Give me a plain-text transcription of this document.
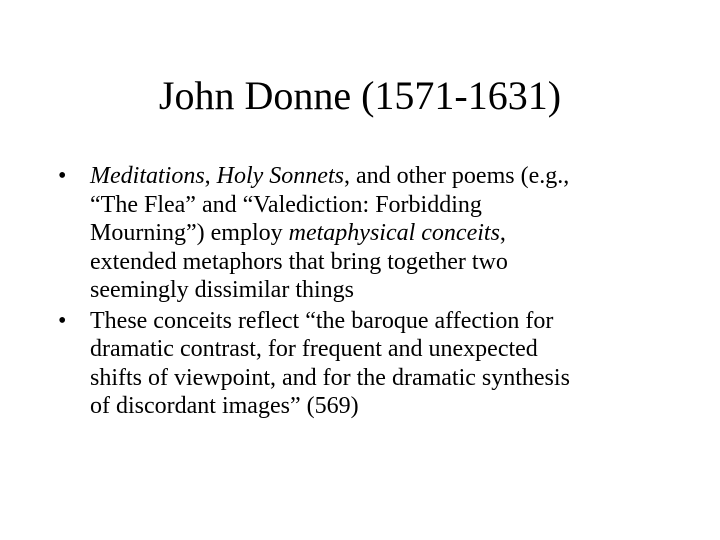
John Donne (1571-1631)
• Meditations, Holy Sonnets, and other poems (e.g.,
“The Flea” and “Valediction: Forbidding
Mourning”) employ metaphysical conceits,
extended metaphors that bring together two
seemingly dissimilar things
• These conceits reflect “the baroque affection for
dramatic contrast, for frequent and unexpected
shifts of viewpoint, and for the dramatic synthesis
of discordant images” (569)
